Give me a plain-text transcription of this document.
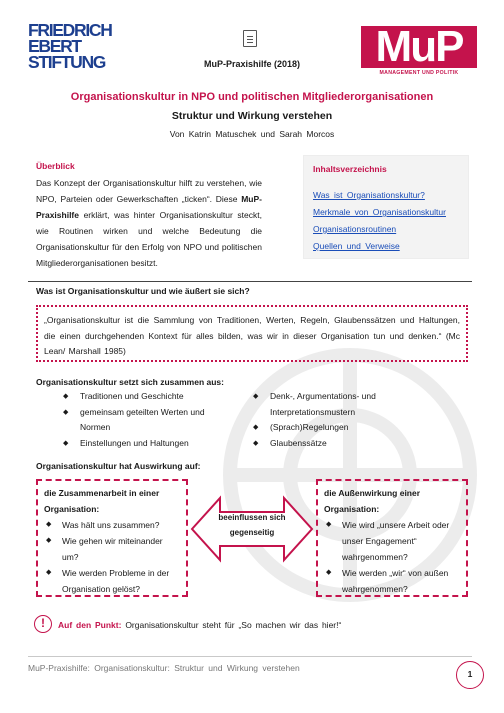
FRIEDRICH
EBERT
STIFTUNG	MuP-Praxishilfe (2018)	MuP
MANAGEMENT UND POLITIK
Organisationskultur in NPO und politischen Mitgliederorganisationen
Struktur und Wirkung verstehen
Von Katrin Matuschek und Sarah Morcos
Überblick

Das Konzept der Organisationskultur hilft zu verstehen, wie NPO, Parteien oder Gewerkschaften „ticken“. Diese MuP-Praxishilfe erklärt, was hinter Organisationskultur steckt, wie Routinen wirken und welche Bedeutung die Organisationskultur für den Erfolg von NPO und politischen Mitgliederorganisationen besitzt.

Inhaltsverzeichnis
Was ist Organisationskultur?
Merkmale von Organisationskultur
Organisationsroutinen
Quellen und Verweise
Was ist Organisationskultur und wie äußert sie sich?
„Organisationskultur ist die Sammlung von Traditionen, Werten, Regeln, Glaubenssätzen und Haltungen, die einen durchgehenden Kontext für alles bilden, was wir in dieser Organisation tun und denken.“ (Mc Lean/ Marshall 1985)
Organisationskultur setzt sich zusammen aus:
◆ Traditionen und Geschichte
◆ gemeinsam geteilten Werten und Normen
◆ Einstellungen und Haltungen
◆ Denk-, Argumentations- und Interpretationsmustern
◆ (Sprach)Regelungen
◆ Glaubenssätze
Organisationskultur hat Auswirkung auf:
die Zusammenarbeit in einer Organisation:
◆ Was hält uns zusammen?
◆ Wie gehen wir miteinander um?
◆ Wie werden Probleme in der Organisation gelöst?
beeinflussen sich gegenseitig
die Außenwirkung einer Organisation:
◆ Wie wird „unsere Arbeit oder unser Engagement“ wahrgenommen?
◆ Wie werden „wir“ von außen wahrgenommen?
!	Auf den Punkt: Organisationskultur steht für „So machen wir das hier!“
MuP-Praxishilfe: Organisationskultur: Struktur und Wirkung verstehen
1
